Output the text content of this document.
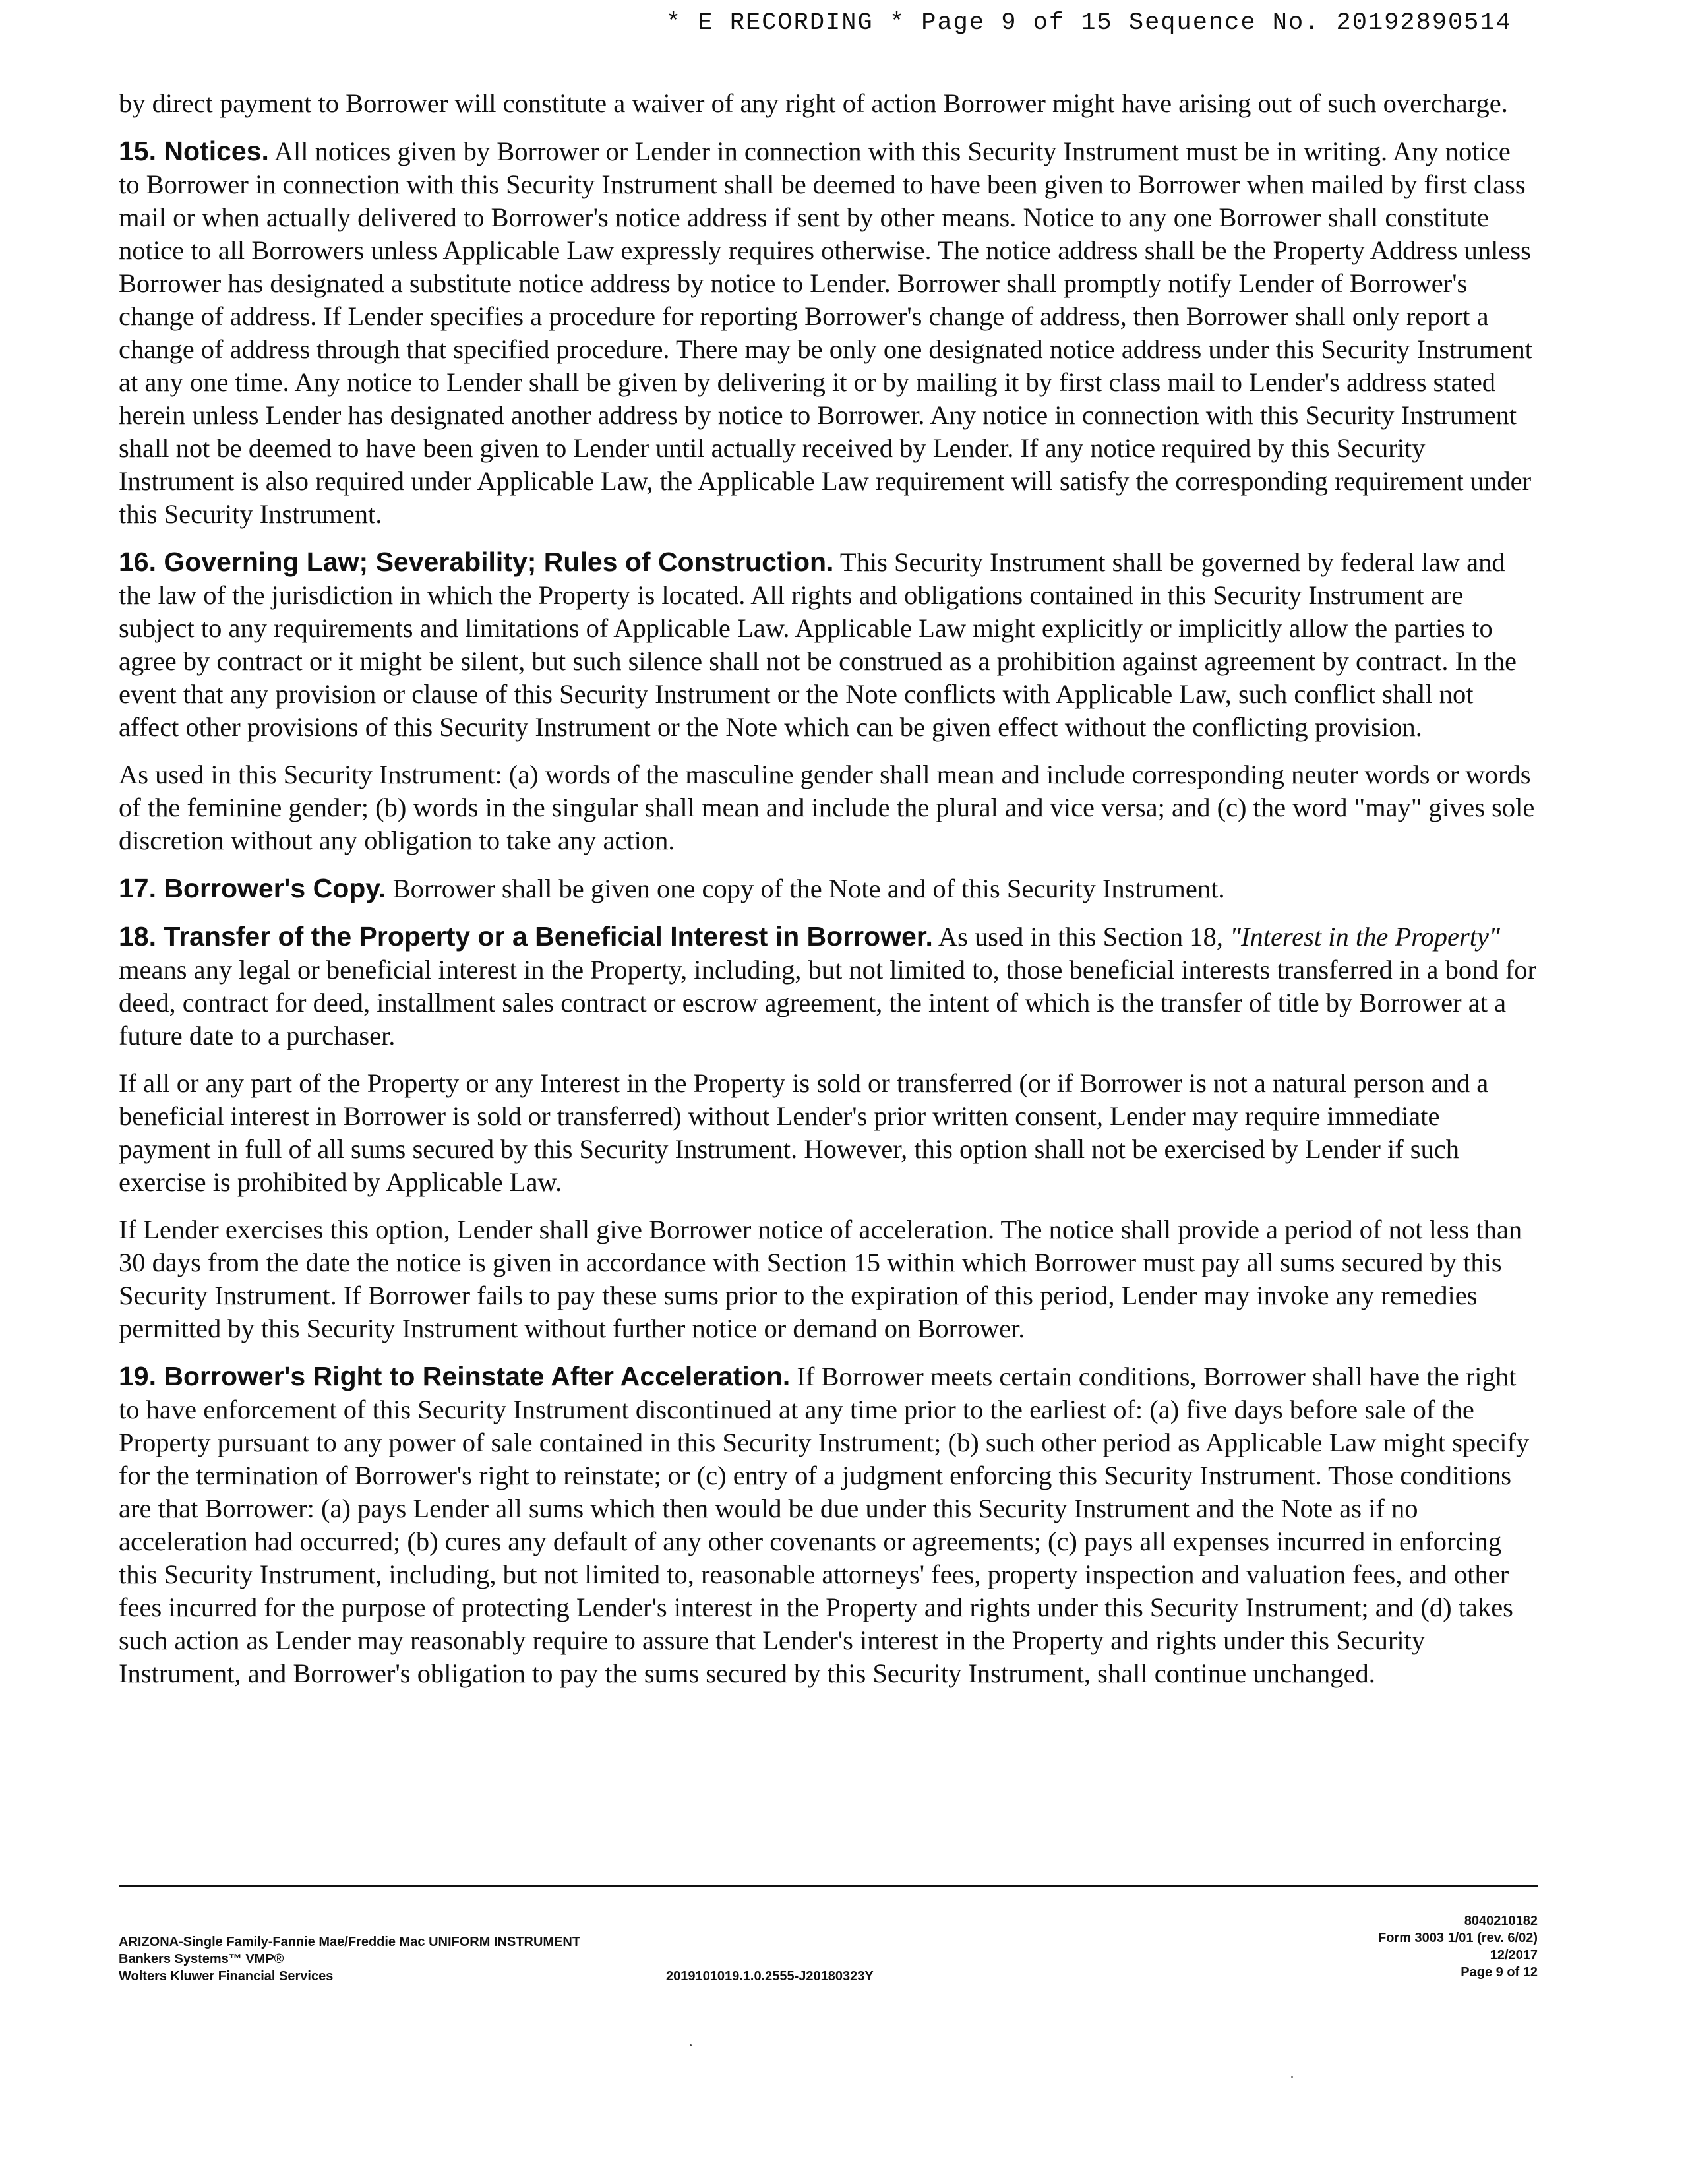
* E RECORDING * Page 9 of 15 Sequence No. 20192890514

by direct payment to Borrower will constitute a waiver of any right of action Borrower might have arising out of such overcharge.

15. Notices. All notices given by Borrower or Lender in connection with this Security Instrument must be in writing. Any notice to Borrower in connection with this Security Instrument shall be deemed to have been given to Borrower when mailed by first class mail or when actually delivered to Borrower's notice address if sent by other means. Notice to any one Borrower shall constitute notice to all Borrowers unless Applicable Law expressly requires otherwise. The notice address shall be the Property Address unless Borrower has designated a substitute notice address by notice to Lender. Borrower shall promptly notify Lender of Borrower's change of address. If Lender specifies a procedure for reporting Borrower's change of address, then Borrower shall only report a change of address through that specified procedure. There may be only one designated notice address under this Security Instrument at any one time. Any notice to Lender shall be given by delivering it or by mailing it by first class mail to Lender's address stated herein unless Lender has designated another address by notice to Borrower. Any notice in connection with this Security Instrument shall not be deemed to have been given to Lender until actually received by Lender. If any notice required by this Security Instrument is also required under Applicable Law, the Applicable Law requirement will satisfy the corresponding requirement under this Security Instrument.

16. Governing Law; Severability; Rules of Construction. This Security Instrument shall be governed by federal law and the law of the jurisdiction in which the Property is located. All rights and obligations contained in this Security Instrument are subject to any requirements and limitations of Applicable Law. Applicable Law might explicitly or implicitly allow the parties to agree by contract or it might be silent, but such silence shall not be construed as a prohibition against agreement by contract. In the event that any provision or clause of this Security Instrument or the Note conflicts with Applicable Law, such conflict shall not affect other provisions of this Security Instrument or the Note which can be given effect without the conflicting provision.

As used in this Security Instrument: (a) words of the masculine gender shall mean and include corresponding neuter words or words of the feminine gender; (b) words in the singular shall mean and include the plural and vice versa; and (c) the word "may" gives sole discretion without any obligation to take any action.

17. Borrower's Copy. Borrower shall be given one copy of the Note and of this Security Instrument.

18. Transfer of the Property or a Beneficial Interest in Borrower. As used in this Section 18, "Interest in the Property" means any legal or beneficial interest in the Property, including, but not limited to, those beneficial interests transferred in a bond for deed, contract for deed, installment sales contract or escrow agreement, the intent of which is the transfer of title by Borrower at a future date to a purchaser.

If all or any part of the Property or any Interest in the Property is sold or transferred (or if Borrower is not a natural person and a beneficial interest in Borrower is sold or transferred) without Lender's prior written consent, Lender may require immediate payment in full of all sums secured by this Security Instrument. However, this option shall not be exercised by Lender if such exercise is prohibited by Applicable Law.

If Lender exercises this option, Lender shall give Borrower notice of acceleration. The notice shall provide a period of not less than 30 days from the date the notice is given in accordance with Section 15 within which Borrower must pay all sums secured by this Security Instrument. If Borrower fails to pay these sums prior to the expiration of this period, Lender may invoke any remedies permitted by this Security Instrument without further notice or demand on Borrower.

19. Borrower's Right to Reinstate After Acceleration. If Borrower meets certain conditions, Borrower shall have the right to have enforcement of this Security Instrument discontinued at any time prior to the earliest of: (a) five days before sale of the Property pursuant to any power of sale contained in this Security Instrument; (b) such other period as Applicable Law might specify for the termination of Borrower's right to reinstate; or (c) entry of a judgment enforcing this Security Instrument. Those conditions are that Borrower: (a) pays Lender all sums which then would be due under this Security Instrument and the Note as if no acceleration had occurred; (b) cures any default of any other covenants or agreements; (c) pays all expenses incurred in enforcing this Security Instrument, including, but not limited to, reasonable attorneys' fees, property inspection and valuation fees, and other fees incurred for the purpose of protecting Lender's interest in the Property and rights under this Security Instrument; and (d) takes such action as Lender may reasonably require to assure that Lender's interest in the Property and rights under this Security Instrument, and Borrower's obligation to pay the sums secured by this Security Instrument, shall continue unchanged.

ARIZONA-Single Family-Fannie Mae/Freddie Mac UNIFORM INSTRUMENT
Bankers Systems™ VMP®
Wolters Kluwer Financial Services	2019101019.1.0.2555-J20180323Y
8040210182
Form 3003 1/01 (rev. 6/02)
12/2017
Page 9 of 12
